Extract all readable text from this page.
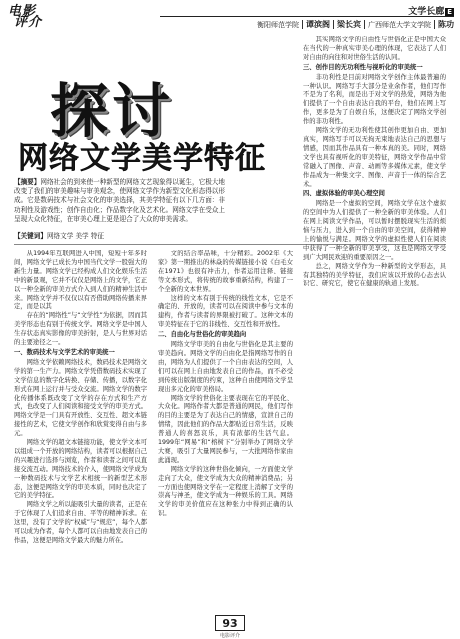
电影
评介
文学长廊 E
衡阳师范学院 谭滨阁 梁长宾 广西师范大学文学院 陈功
探讨
网络文学美学特征
【摘要】网络社会的到来使一种新型的网络文艺现象得以诞生，它极大地改变了我们的审美趣味与审美观念，使网络文学作为新型文化形态得以形成。它是数码技术与社会文化的审美选择，其美学特征有以下几方面：非功利性及游戏性；创作自由化；作品数字化及艺术化。网络文学在受众上呈现大众化特征，在审美心理上更是迎合了大众的审美需求。
【关键词】网络文学 美学 特征

从1994年互联网进入中国，短短十年多时间，网络文学已成长为中国当代文学一股强大的新生力量。网络文学已经构成人们文化娱乐生活中的新景观，它并不仅仅是网络上的文学，它正以一种全新的审美方式介入到人们的精神生活中来。网络文学并不仅仅以有否借助网络传播来界定，而是以其

存在的“网络性”与“文学性”为依据，因而其美学形态也有别于传统文学。网络文学是中国人生存状态真实影像的审美折射，是人与世界对话的主要途径之一。

一、数码技术与文学艺术的审美统一

网络文学依赖网络技术，数码技术是网络文学的第一生产力。网络文学凭借数码技术实现了文学信息的数字化转换、存储、传播，以数字化形式在网上运行并与受众交流。网络文学的数字化传播体系既改变了文学的存在方式和生产方式，也改变了人们阅读和接受文学的审美方式。网络文学是一门具有开放性、交互性、超文本链接性的艺术，它使文学创作和欣赏变得自由与多元。

网络文学的超文本链接功能，使文学文本可以组成一个开放的网络结构，读者可以根据自己的兴趣进行选择与浏览，作者和读者之间可以直接交流互动。网络技术的介入，使网络文学成为一种数码技术与文学艺术相统一的新型艺术形态，这便是网络文学的审美本质，同时也决定了它的美学特征。

网络文学之所以能吸引大量的读者，正是在于它体现了人们追求自由、平等的精神诉求。在这里，没有了文学的“权威”与“规范”，每个人都可以成为作者，每个人都可以自由地发表自己的作品，这便是网络文学最大的魅力所在。

文的结合率品味，十分精彩。2002年《大家》第一期推出的林焱的传媒链接小说《白毛女在1971》也很有冲击力，作者运用注释、链接等文本形式，将传统的故事重新结构，构建了一个全新的文本世界。

这样的文本有别于传统的线性文本，它是不确定的、开放的，读者可以在阅读中参与文本的建构，作者与读者的界限被打破了。这种文本的审美特征在于它的非线性、交互性和开放性。

二、自由化与世俗化的审美趋向

网络文学审美的自由化与世俗化是其主要的审美趋向。网络文学的自由化是指网络写作的自由，网络为人们提供了一个自由表达的空间，人们可以在网上自由地发表自己的作品，而不必受到传统出版制度的约束，这种自由使网络文学呈现出多元化的审美格局。

网络文学的世俗化主要表现在它的平民化、大众化。网络作者大都是普通的网民，他们写作的目的主要是为了表达自己的情感，宣泄自己的情绪，因此他们的作品大都贴近日常生活，反映普通人的喜怒哀乐，具有浓郁的生活气息。1999年“网易”和“榕树下”分别举办了网络文学大赛，吸引了大量网民参与，一大批网络作家由此涌现。

网络文学的这种世俗化倾向，一方面使文学走向了大众，使文学成为大众的精神消费品；另一方面也使网络文学在一定程度上消解了文学的崇高与神圣，使文学成为一种娱乐的工具。网络文学的审美价值应在这种张力中得到正确的认识。

其实网络文学的自由性与世俗化正是中国大众在当代的一种真实审美心理的体现，它表达了人们对自由的向往和对世俗生活的认同。

三、创作目的无功利性与视听化的审美统一

非功利性是目前对网络文学创作主体最普遍的一种认识。网络写手大部分是业余作者，他们写作不是为了名利，而是出于对文学的热爱，网络为他们提供了一个自由表达自我的平台，他们在网上写作，更多是为了自娱自乐，这便决定了网络文学创作的非功利性。

网络文学的无功利性使其创作更加自由、更加真实，网络写手可以无拘无束地表达自己的思想与情感，因而其作品具有一种本真的美。同时，网络文学也具有视听化的审美特征，网络文学作品中常常融入了图像、声音、动画等多媒体元素，使文学作品成为一种集文字、图像、声音于一体的综合艺术。

四、虚拟体验的审美心理空间

网络是一个虚拟的空间，网络文学在这个虚拟的空间中为人们提供了一种全新的审美体验。人们在网上阅读文学作品，可以暂时摆脱现实生活的烦恼与压力，进入到一个自由的审美空间，获得精神上的愉悦与满足。网络文学的虚拟性使人们在阅读中获得了一种全新的审美享受，这也是网络文学受到广大网民欢迎的重要原因之一。

总之，网络文学作为一种新型的文学形态，具有其独特的美学特征，我们应该以开放的心态去认识它、研究它，使它在健康的轨道上发展。

93
电影评介
